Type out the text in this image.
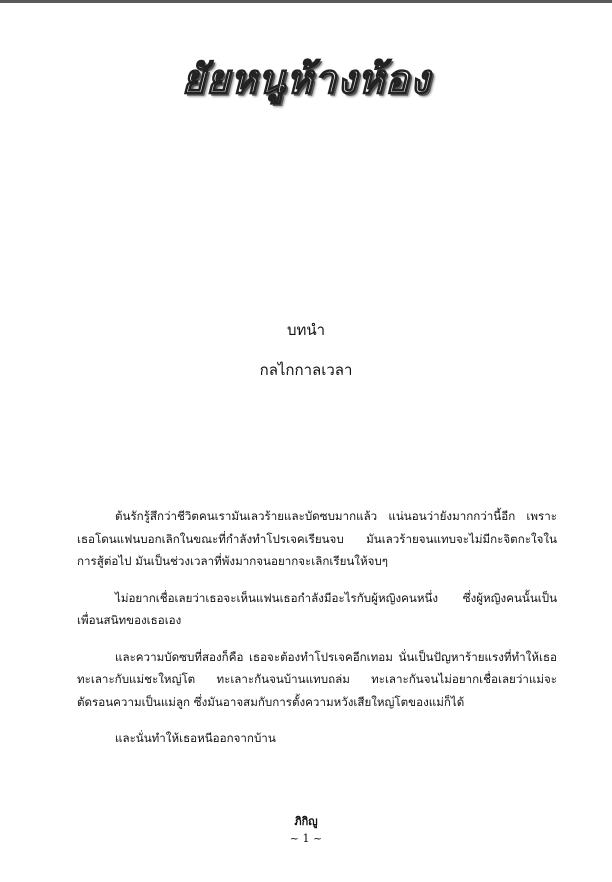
ยัยหนูห้างห้อง
บทนำ
กลไกกาลเวลา

ต้นรักรู้สึกว่าชีวิตคนเรามันเลวร้ายและบัดซบมากแล้ว แน่นอนว่ายังมากกว่านี้อีก เพราะเธอโดนแฟนบอกเลิกในขณะที่กำลังทำโปรเจคเรียนจบ มันเลวร้ายจนแทบจะไม่มีกะจิตกะใจในการสู้ต่อไป มันเป็นช่วงเวลาที่พังมากจนอยากจะเลิกเรียนให้จบๆ

ไม่อยากเชื่อเลยว่าเธอจะเห็นแฟนเธอกำลังมีอะไรกับผู้หญิงคนหนึ่ง ซึ่งผู้หญิงคนนั้นเป็นเพื่อนสนิทของเธอเอง

และความบัดซบที่สองก็คือ เธอจะต้องทำโปรเจคอีกเทอม นั่นเป็นปัญหาร้ายแรงที่ทำให้เธอทะเลาะกับแม่ชะใหญ่โต ทะเลาะกันจนบ้านแทบถล่ม ทะเลาะกันจนไม่อยากเชื่อเลยว่าแม่จะตัดรอนความเป็นแม่ลูก ซึ่งมันอาจสมกับการตั้งความหวังเสียใหญ่โตของแม่ก็ได้

และนั่นทำให้เธอหนีออกจากบ้าน

ภิกิญู
~ 1 ~
